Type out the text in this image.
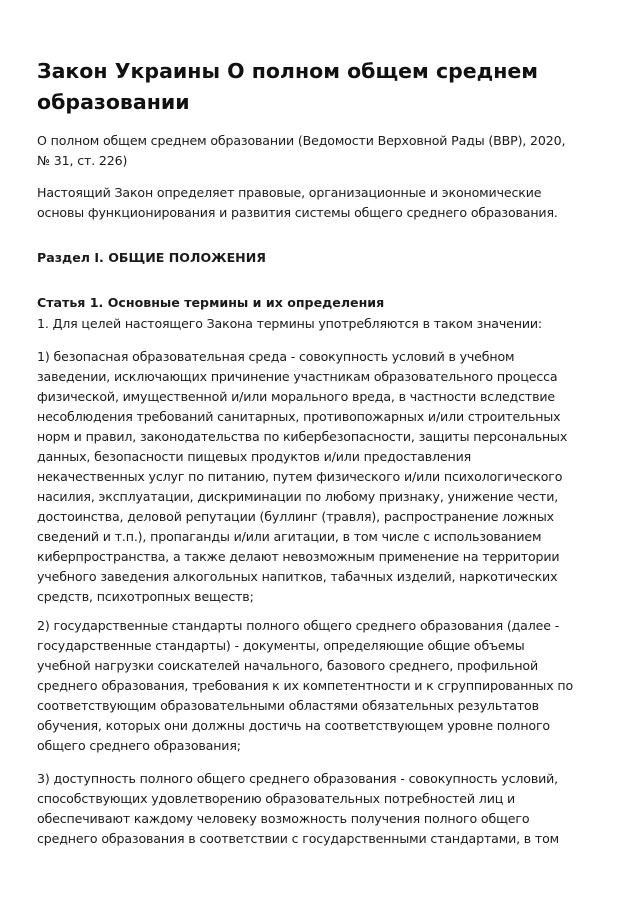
Закон Украины О полном общем среднем
образовании
О полном общем среднем образовании (Ведомости Верховной Рады (ВВР), 2020,
№ 31, ст. 226)
Настоящий Закон определяет правовые, организационные и экономические
основы функционирования и развития системы общего среднего образования.
Раздел I. ОБЩИЕ ПОЛОЖЕНИЯ
Статья 1. Основные термины и их определения
1. Для целей настоящего Закона термины употребляются в таком значении:
1) безопасная образовательная среда - совокупность условий в учебном
заведении, исключающих причинение участникам образовательного процесса
физической, имущественной и/или морального вреда, в частности вследствие
несоблюдения требований санитарных, противопожарных и/или строительных
норм и правил, законодательства по кибербезопасности, защиты персональных
данных, безопасности пищевых продуктов и/или предоставления
некачественных услуг по питанию, путем физического и/или психологического
насилия, эксплуатации, дискриминации по любому признаку, унижение чести,
достоинства, деловой репутации (буллинг (травля), распространение ложных
сведений и т.п.), пропаганды и/или агитации, в том числе с использованием
киберпространства, а также делают невозможным применение на территории
учебного заведения алкогольных напитков, табачных изделий, наркотических
средств, психотропных веществ;
2) государственные стандарты полного общего среднего образования (далее -
государственные стандарты) - документы, определяющие общие объемы
учебной нагрузки соискателей начального, базового среднего, профильной
среднего образования, требования к их компетентности и к сгруппированных по
соответствующим образовательными областями обязательных результатов
обучения, которых они должны достичь на соответствующем уровне полного
общего среднего образования;
3) доступность полного общего среднего образования - совокупность условий,
способствующих удовлетворению образовательных потребностей лиц и
обеспечивают каждому человеку возможность получения полного общего
среднего образования в соответствии с государственными стандартами, в том
